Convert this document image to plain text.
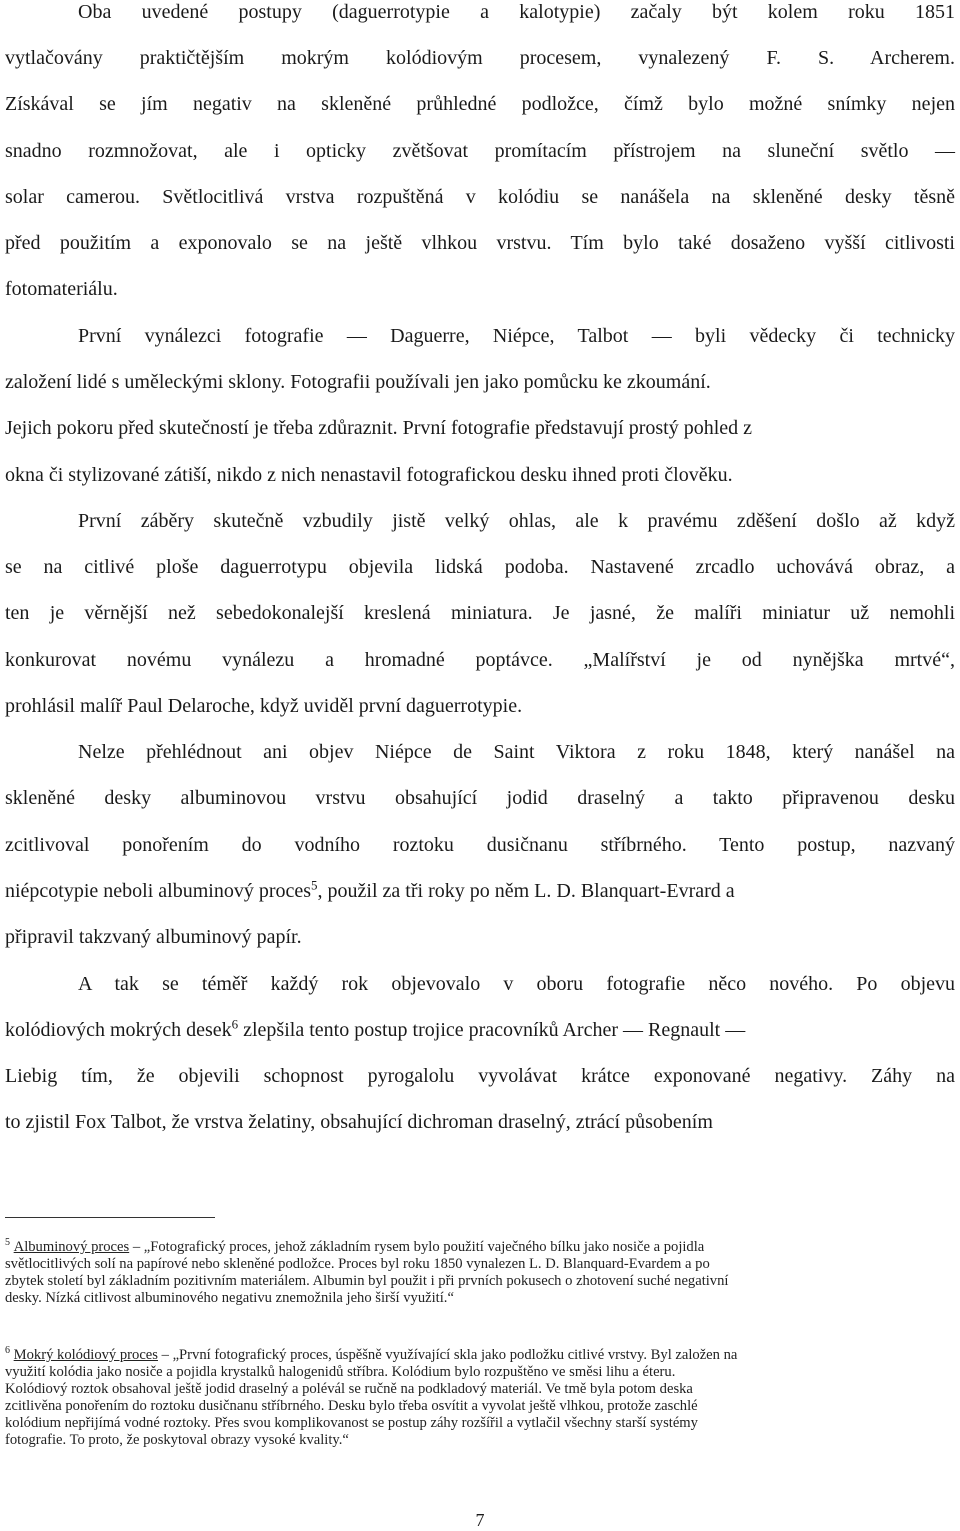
Oba uvedené postupy (daguerrotypie a kalotypie) začaly být kolem roku 1851
vytlačovány praktičtějším mokrým kolódiovým procesem, vynalezený F. S. Archerem.
Získával se jím negativ na skleněné průhledné podložce, čímž bylo možné snímky nejen
snadno rozmnožovat, ale i opticky zvětšovat promítacím přístrojem na sluneční světlo —
solar camerou. Světlocitlivá vrstva rozpuštěná v kolódiu se nanášela na skleněné desky těsně
před použitím a exponovalo se na ještě vlhkou vrstvu. Tím bylo také dosaženo vyšší citlivosti
fotomateriálu.
První vynálezci fotografie — Daguerre, Niépce, Talbot — byli vědecky či technicky
založení lidé s uměleckými sklony. Fotografii používali jen jako pomůcku ke zkoumání.
Jejich pokoru před skutečností je třeba zdůraznit. První fotografie představují prostý pohled z
okna či stylizované zátiší, nikdo z nich nenastavil fotografickou desku ihned proti člověku.
První záběry skutečně vzbudily jistě velký ohlas, ale k pravému zděšení došlo až když
se na citlivé ploše daguerrotypu objevila lidská podoba. Nastavené zrcadlo uchovává obraz, a
ten je věrnější než sebedokonalejší kreslená miniatura. Je jasné, že malíři miniatur už nemohli
konkurovat novému vynálezu a hromadné poptávce. „Malířství je od nynějška mrtvé“,
prohlásil malíř Paul Delaroche, když uviděl první daguerrotypie.
Nelze přehlédnout ani objev Niépce de Saint Viktora z roku 1848, který nanášel na
skleněné desky albuminovou vrstvu obsahující jodid draselný a takto připravenou desku
zcitlivoval ponořením do vodního roztoku dusičnanu stříbrného. Tento postup, nazvaný
niépcotypie neboli albuminový proces$^5$, použil za tři roky po něm L. D. Blanquart-Evrard a
připravil takzvaný albuminový papír.
A tak se téměř každý rok objevovalo v oboru fotografie něco nového. Po objevu
kolódiových mokrých desek$^6$ zlepšila tento postup trojice pracovníků Archer — Regnault —
Liebig tím, že objevili schopnost pyrogalolu vyvolávat krátce exponované negativy. Záhy na
to zjistil Fox Talbot, že vrstva želatiny, obsahující dichroman draselný, ztrácí působením
$^5$ Albuminový proces – „Fotografický proces, jehož základním rysem bylo použití vaječného bílku jako nosiče a pojidla
světlocitlivých solí na papírové nebo skleněné podložce. Proces byl roku 1850 vynalezen L. D. Blanquard-Evardem a po
zbytek století byl základním pozitivním materiálem. Albumin byl použit i při prvních pokusech o zhotovení suché negativní
desky. Nízká citlivost albuminového negativu znemožnila jeho širší využití.“
$^6$ Mokrý kolódiový proces – „První fotografický proces, úspěšně využívající skla jako podložku citlivé vrstvy. Byl založen na
využití kolódia jako nosiče a pojidla krystalků halogenidů stříbra. Kolódium bylo rozpuštěno ve směsi lihu a éteru.
Kolódiový roztok obsahoval ještě jodid draselný a polévál se ručně na podkladový materiál. Ve tmě byla potom deska
zcitlivěna ponořením do roztoku dusičnanu stříbrného. Desku bylo třeba osvítit a vyvolat ještě vlhkou, protože zaschlé
kolódium nepřijímá vodné roztoky. Přes svou komplikovanost se postup záhy rozšířil a vytlačil všechny starší systémy
fotografie. To proto, že poskytoval obrazy vysoké kvality.“
7
